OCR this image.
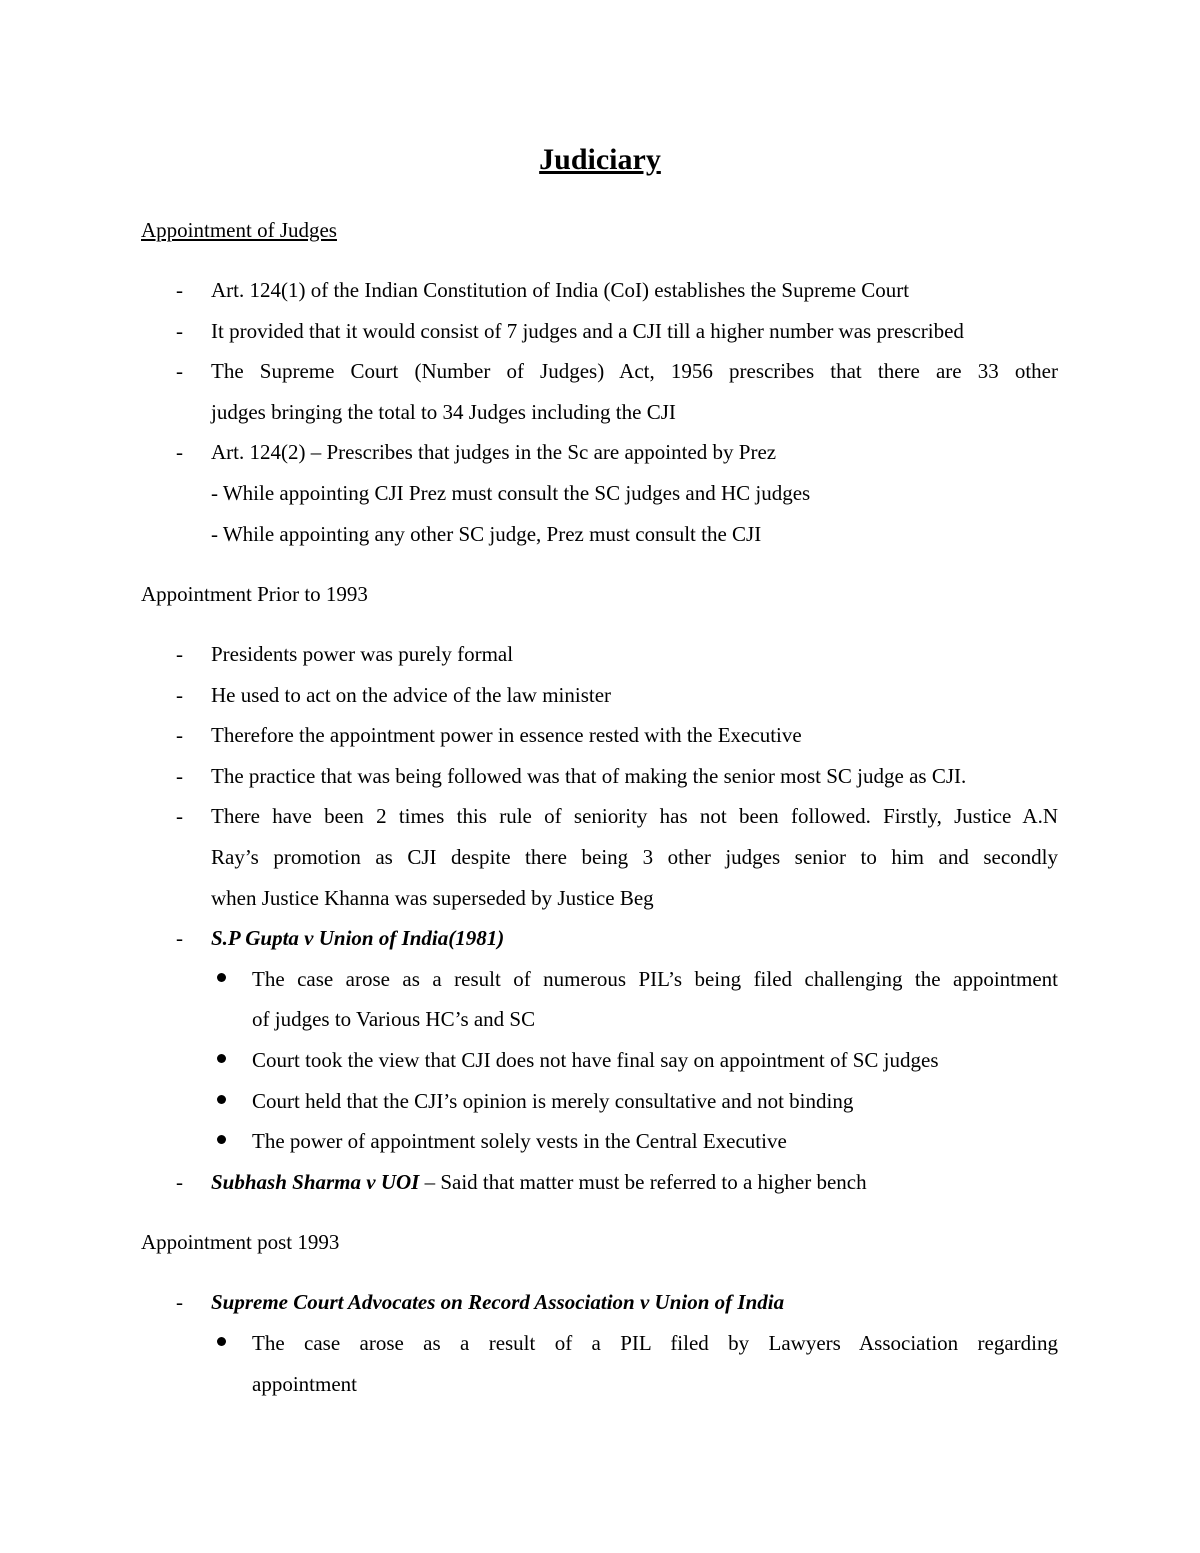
Judiciary
Appointment of Judges
- Art. 124(1) of the Indian Constitution of India (CoI) establishes the Supreme Court
- It provided that it would consist of 7 judges and a CJI till a higher number was prescribed
- The Supreme Court (Number of Judges) Act, 1956 prescribes that there are 33 other
judges bringing the total to 34 Judges including the CJI
- Art. 124(2) – Prescribes that judges in the Sc are appointed by Prez
- While appointing CJI Prez must consult the SC judges and HC judges
- While appointing any other SC judge, Prez must consult the CJI
Appointment Prior to 1993
- Presidents power was purely formal
- He used to act on the advice of the law minister
- Therefore the appointment power in essence rested with the Executive
- The practice that was being followed was that of making the senior most SC judge as CJI.
- There have been 2 times this rule of seniority has not been followed. Firstly, Justice A.N
Ray’s promotion as CJI despite there being 3 other judges senior to him and secondly
when Justice Khanna was superseded by Justice Beg
- S.P Gupta v Union of India(1981)
The case arose as a result of numerous PIL’s being filed challenging the appointment
of judges to Various HC’s and SC
Court took the view that CJI does not have final say on appointment of SC judges
Court held that the CJI’s opinion is merely consultative and not binding
The power of appointment solely vests in the Central Executive
- Subhash Sharma v UOI – Said that matter must be referred to a higher bench
Appointment post 1993
- Supreme Court Advocates on Record Association v Union of India
The case arose as a result of a PIL filed by Lawyers Association regarding
appointment
